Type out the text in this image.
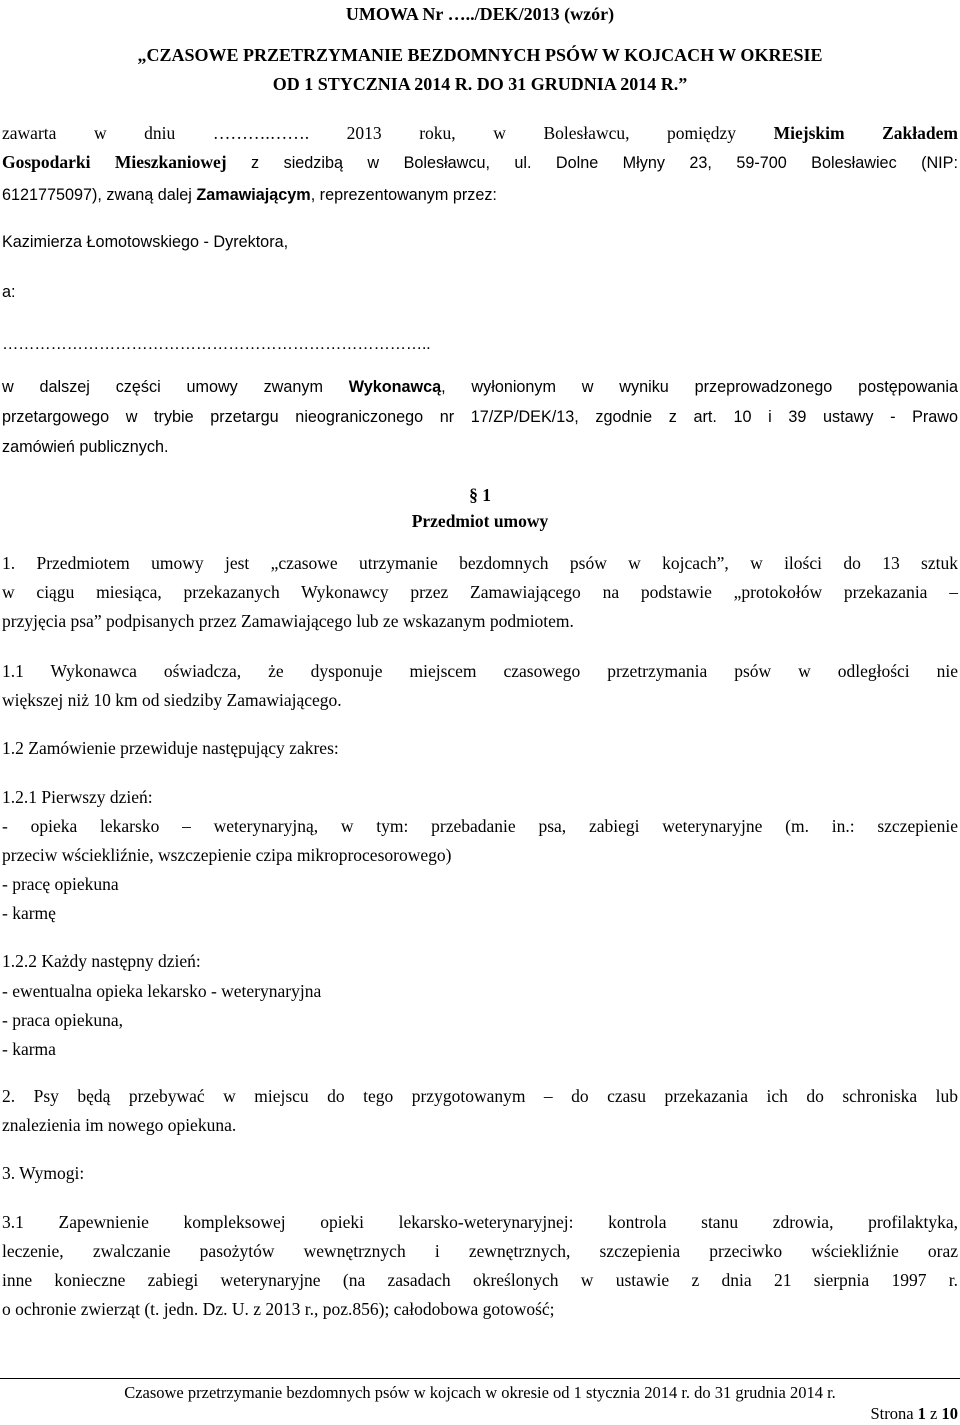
UMOWA Nr …../DEK/2013 (wzór)
„CZASOWE PRZETRZYMANIE BEZDOMNYCH PSÓW W KOJCACH W OKRESIE
OD 1 STYCZNIA 2014 R. DO 31 GRUDNIA 2014 R.”
zawarta w dniu ……….……. 2013 roku, w Bolesławcu, pomiędzy Miejskim Zakładem
Gospodarki Mieszkaniowej z siedzibą w Bolesławcu, ul. Dolne Młyny 23, 59-700 Bolesławiec (NIP:
6121775097), zwaną dalej Zamawiającym, reprezentowanym przez:
Kazimierza Łomotowskiego - Dyrektora,
a:
……………………………………………………………………..
w dalszej części umowy zwanym Wykonawcą, wyłonionym w wyniku przeprowadzonego postępowania
przetargowego w trybie przetargu nieograniczonego nr 17/ZP/DEK/13, zgodnie z art. 10 i 39 ustawy - Prawo
zamówień publicznych.
§ 1
Przedmiot umowy
1. Przedmiotem umowy jest „czasowe utrzymanie bezdomnych psów w kojcach”, w ilości do 13 sztuk
w ciągu miesiąca, przekazanych Wykonawcy przez Zamawiającego na podstawie „protokołów przekazania –
przyjęcia psa” podpisanych przez Zamawiającego lub ze wskazanym podmiotem.
1.1 Wykonawca oświadcza, że dysponuje miejscem czasowego przetrzymania psów w odległości nie
większej niż 10 km od siedziby Zamawiającego.
1.2 Zamówienie przewiduje następujący zakres:
1.2.1 Pierwszy dzień:
- opieka lekarsko – weterynaryjną, w tym: przebadanie psa, zabiegi weterynaryjne (m. in.: szczepienie
przeciw wściekliźnie, wszczepienie czipa mikroprocesorowego)
- pracę opiekuna
- karmę
1.2.2 Każdy następny dzień:
- ewentualna opieka lekarsko - weterynaryjna
- praca opiekuna,
- karma
2. Psy będą przebywać w miejscu do tego przygotowanym – do czasu przekazania ich do schroniska lub
znalezienia im nowego opiekuna.
3. Wymogi:
3.1 Zapewnienie kompleksowej opieki lekarsko-weterynaryjnej: kontrola stanu zdrowia, profilaktyka,
leczenie, zwalczanie pasożytów wewnętrznych i zewnętrznych, szczepienia przeciwko wściekliźnie oraz
inne konieczne zabiegi weterynaryjne (na zasadach określonych w ustawie z dnia 21 sierpnia 1997 r.
o ochronie zwierząt (t. jedn. Dz. U. z 2013 r., poz.856); całodobowa gotowość;
Czasowe przetrzymanie bezdomnych psów w kojcach w okresie od 1 stycznia 2014 r. do 31 grudnia 2014 r.
Strona 1 z 10
